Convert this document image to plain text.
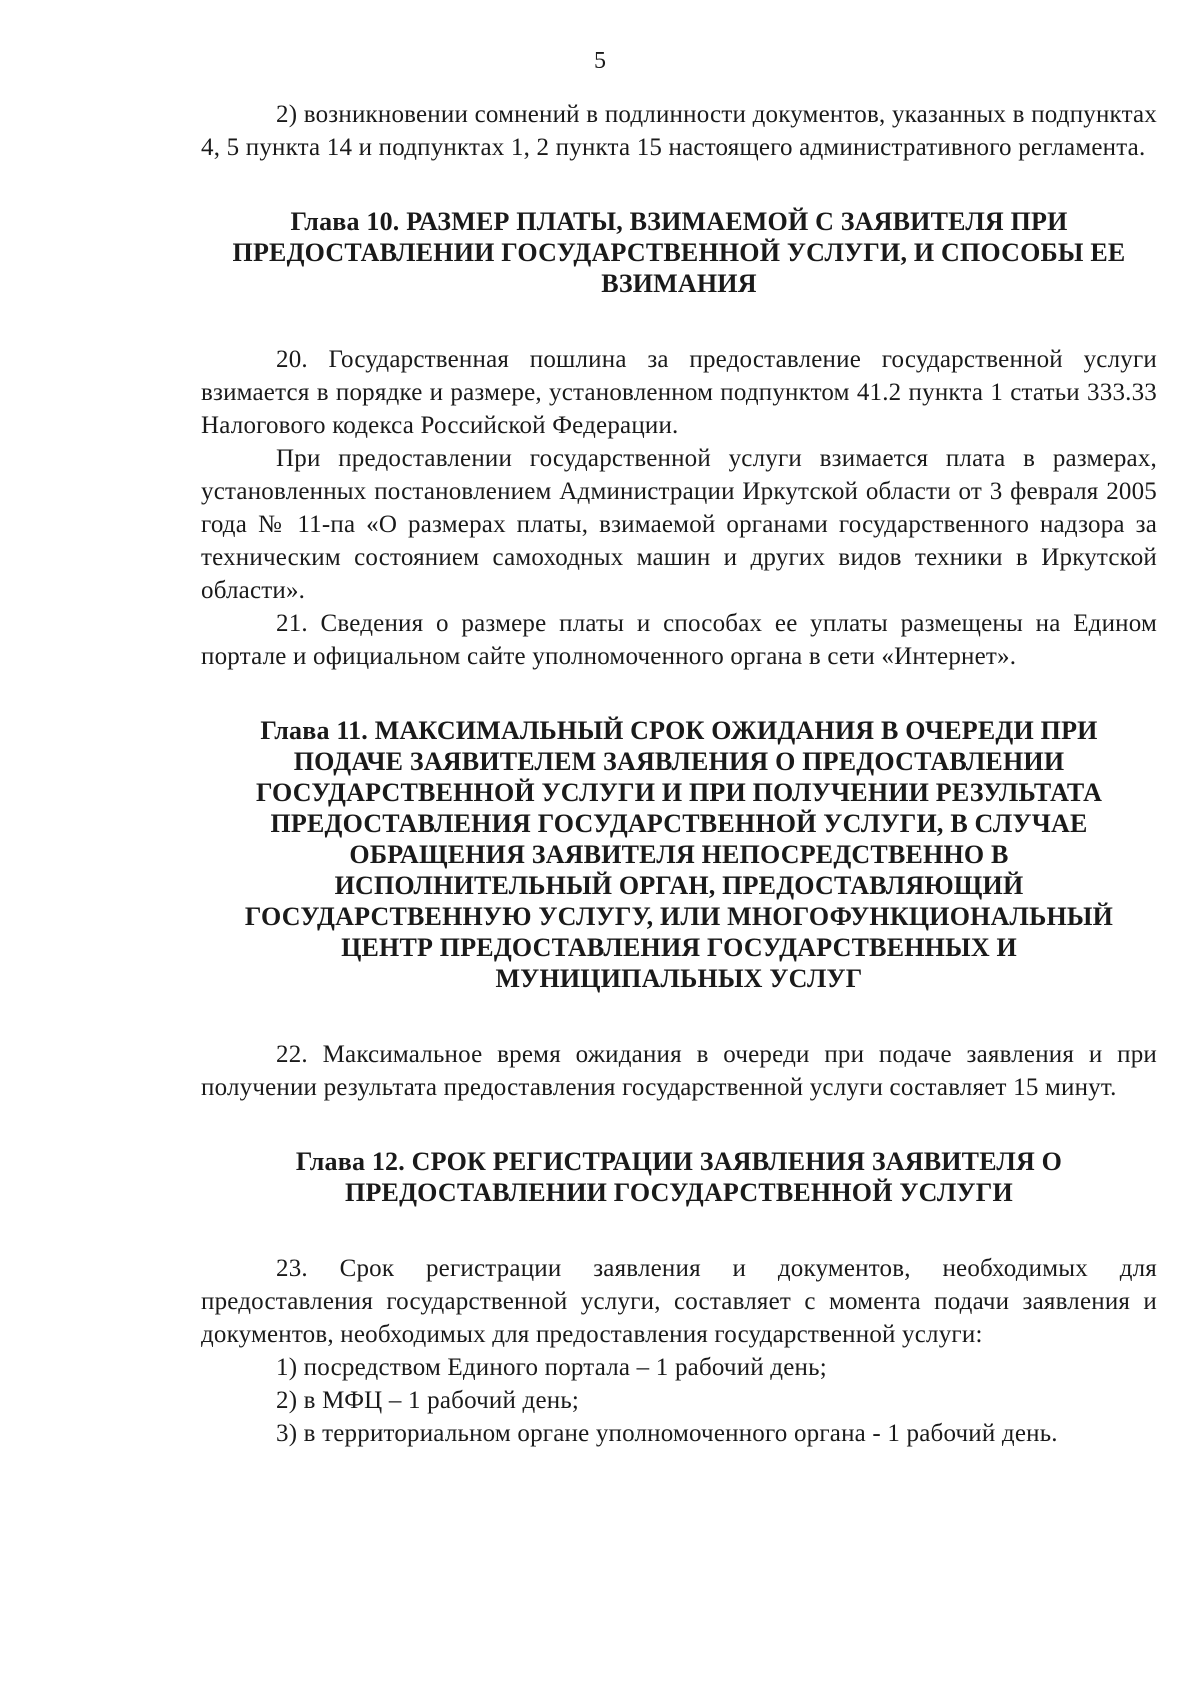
5

2) возникновении сомнений в подлинности документов, указанных в подпунктах 4, 5 пункта 14 и подпунктах 1, 2 пункта 15 настоящего административного регламента.

Глава 10. РАЗМЕР ПЛАТЫ, ВЗИМАЕМОЙ С ЗАЯВИТЕЛЯ ПРИ
ПРЕДОСТАВЛЕНИИ ГОСУДАРСТВЕННОЙ УСЛУГИ, И СПОСОБЫ ЕЕ
ВЗИМАНИЯ

20. Государственная пошлина за предоставление государственной услуги взимается в порядке и размере, установленном подпунктом 41.2 пункта 1 статьи 333.33 Налогового кодекса Российской Федерации.

При предоставлении государственной услуги взимается плата в размерах, установленных постановлением Администрации Иркутской области от 3 февраля 2005 года № 11-па «О размерах платы, взимаемой органами государственного надзора за техническим состоянием самоходных машин и других видов техники в Иркутской области».

21. Сведения о размере платы и способах ее уплаты размещены на Едином портале и официальном сайте уполномоченного органа в сети «Интернет».

Глава 11. МАКСИМАЛЬНЫЙ СРОК ОЖИДАНИЯ В ОЧЕРЕДИ ПРИ
ПОДАЧЕ ЗАЯВИТЕЛЕМ ЗАЯВЛЕНИЯ О ПРЕДОСТАВЛЕНИИ
ГОСУДАРСТВЕННОЙ УСЛУГИ И ПРИ ПОЛУЧЕНИИ РЕЗУЛЬТАТА
ПРЕДОСТАВЛЕНИЯ ГОСУДАРСТВЕННОЙ УСЛУГИ, В СЛУЧАЕ
ОБРАЩЕНИЯ ЗАЯВИТЕЛЯ НЕПОСРЕДСТВЕННО В
ИСПОЛНИТЕЛЬНЫЙ ОРГАН, ПРЕДОСТАВЛЯЮЩИЙ
ГОСУДАРСТВЕННУЮ УСЛУГУ, ИЛИ МНОГОФУНКЦИОНАЛЬНЫЙ
ЦЕНТР ПРЕДОСТАВЛЕНИЯ ГОСУДАРСТВЕННЫХ И
МУНИЦИПАЛЬНЫХ УСЛУГ

22. Максимальное время ожидания в очереди при подаче заявления и при получении результата предоставления государственной услуги составляет 15 минут.

Глава 12. СРОК РЕГИСТРАЦИИ ЗАЯВЛЕНИЯ ЗАЯВИТЕЛЯ О
ПРЕДОСТАВЛЕНИИ ГОСУДАРСТВЕННОЙ УСЛУГИ

23. Срок регистрации заявления и документов, необходимых для предоставления государственной услуги, составляет с момента подачи заявления и документов, необходимых для предоставления государственной услуги:

1) посредством Единого портала – 1 рабочий день;

2) в МФЦ – 1 рабочий день;

3) в территориальном органе уполномоченного органа - 1 рабочий день.
